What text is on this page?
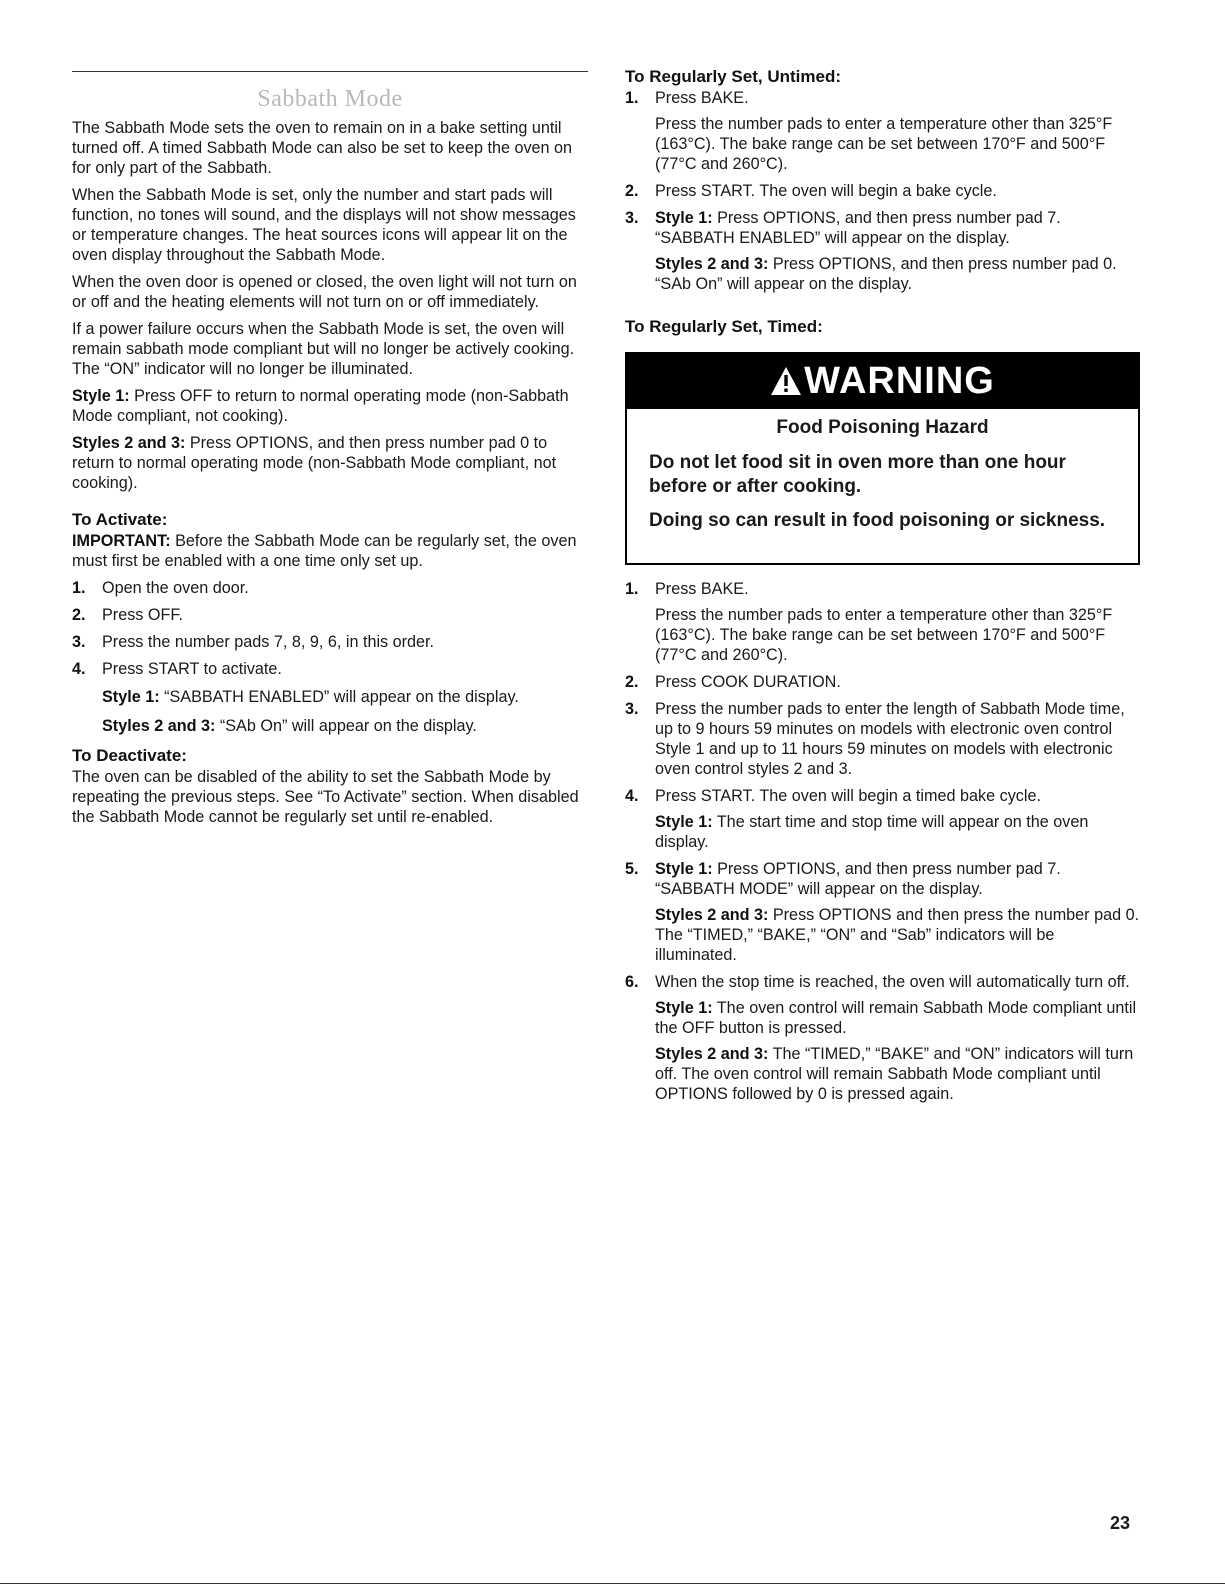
Sabbath Mode

The Sabbath Mode sets the oven to remain on in a bake setting until turned off. A timed Sabbath Mode can also be set to keep the oven on for only part of the Sabbath.

When the Sabbath Mode is set, only the number and start pads will function, no tones will sound, and the displays will not show messages or temperature changes. The heat sources icons will appear lit on the oven display throughout the Sabbath Mode.

When the oven door is opened or closed, the oven light will not turn on or off and the heating elements will not turn on or off immediately.

If a power failure occurs when the Sabbath Mode is set, the oven will remain sabbath mode compliant but will no longer be actively cooking. The “ON” indicator will no longer be illuminated.

Style 1: Press OFF to return to normal operating mode (non-Sabbath Mode compliant, not cooking).

Styles 2 and 3: Press OPTIONS, and then press number pad 0 to return to normal operating mode (non-Sabbath Mode compliant, not cooking).

To Activate:

IMPORTANT: Before the Sabbath Mode can be regularly set, the oven must first be enabled with a one time only set up.

1. Open the oven door.
2. Press OFF.
3. Press the number pads 7, 8, 9, 6, in this order.
4. Press START to activate.

Style 1: “SABBATH ENABLED” will appear on the display.

Styles 2 and 3: “SAb On” will appear on the display.

To Deactivate:

The oven can be disabled of the ability to set the Sabbath Mode by repeating the previous steps. See “To Activate” section. When disabled the Sabbath Mode cannot be regularly set until re-enabled.

To Regularly Set, Untimed:
1. Press BAKE.

Press the number pads to enter a temperature other than 325°F (163°C). The bake range can be set between 170°F and 500°F (77°C and 260°C).

2. Press START. The oven will begin a bake cycle.
3. Style 1: Press OPTIONS, and then press number pad 7. “SABBATH ENABLED” will appear on the display.

Styles 2 and 3: Press OPTIONS, and then press number pad 0. “SAb On” will appear on the display.

To Regularly Set, Timed:
WARNING
Food Poisoning Hazard
Do not let food sit in oven more than one hour before or after cooking.
Doing so can result in food poisoning or sickness.
1. Press BAKE.

Press the number pads to enter a temperature other than 325°F (163°C). The bake range can be set between 170°F and 500°F (77°C and 260°C).

2. Press COOK DURATION.
3. Press the number pads to enter the length of Sabbath Mode time, up to 9 hours 59 minutes on models with electronic oven control Style 1 and up to 11 hours 59 minutes on models with electronic oven control styles 2 and 3.
4. Press START. The oven will begin a timed bake cycle.

Style 1: The start time and stop time will appear on the oven display.

5. Style 1: Press OPTIONS, and then press number pad 7. “SABBATH MODE” will appear on the display.

Styles 2 and 3: Press OPTIONS and then press the number pad 0. The “TIMED,” “BAKE,” “ON” and “Sab” indicators will be illuminated.

6. When the stop time is reached, the oven will automatically turn off.

Style 1: The oven control will remain Sabbath Mode compliant until the OFF button is pressed.

Styles 2 and 3: The “TIMED,” “BAKE” and “ON” indicators will turn off. The oven control will remain Sabbath Mode compliant until OPTIONS followed by 0 is pressed again.

23
